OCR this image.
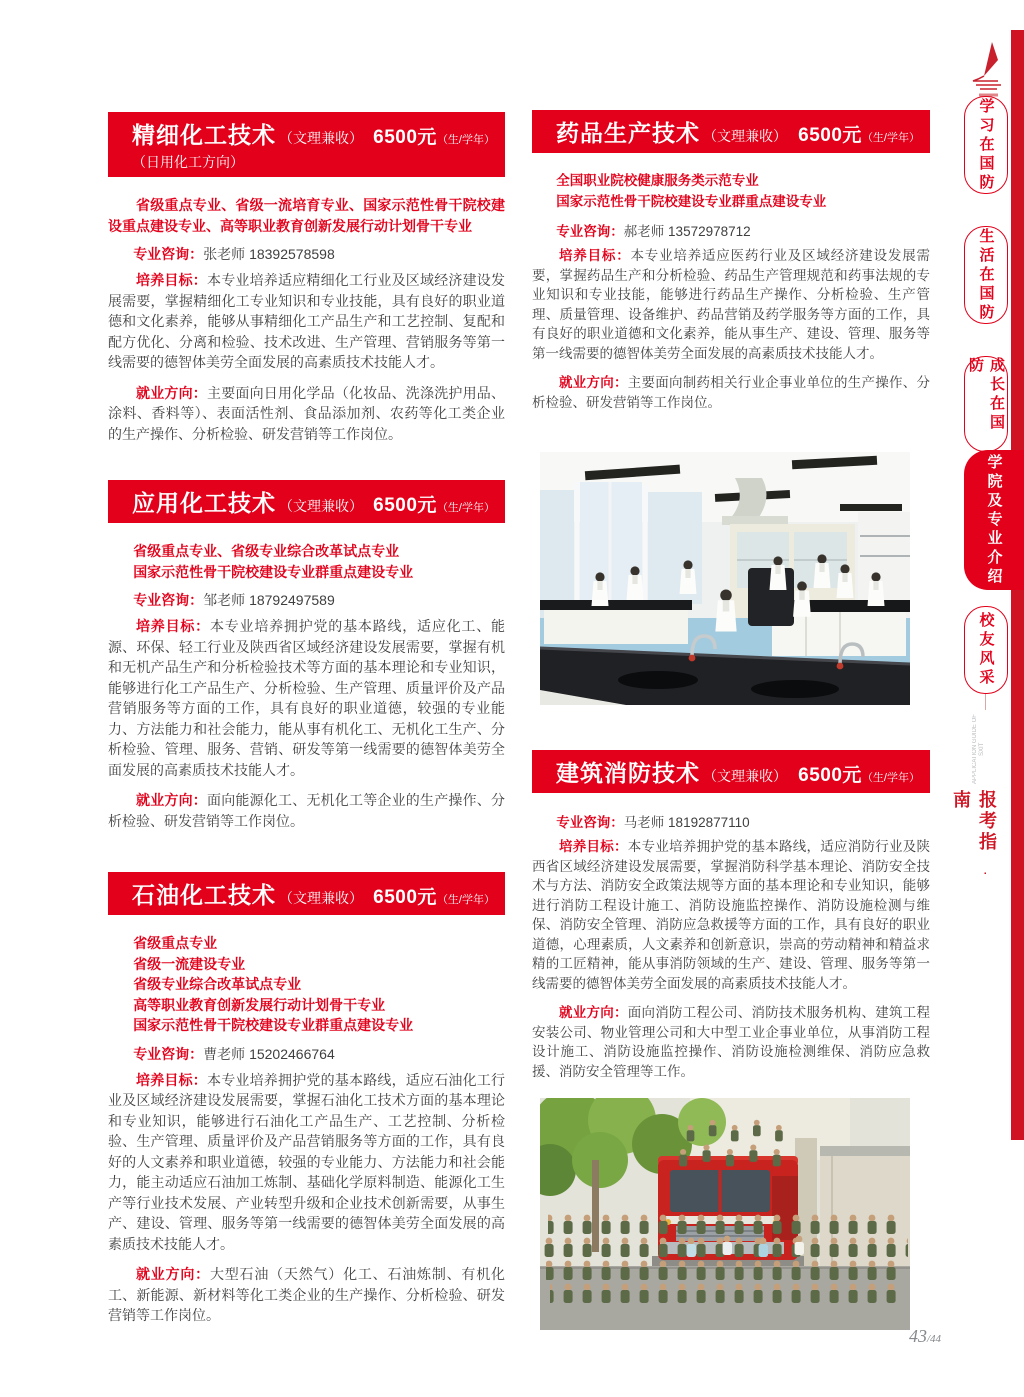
精细化工技术 （文理兼收） 6500元（生/学年）
（日用化工方向）

省级重点专业、省级一流培育专业、国家示范性骨干院校建设重点建设专业、高等职业教育创新发展行动计划骨干专业

专业咨询：张老师 18392578598

培养目标：本专业培养适应精细化工行业及区域经济建设发展需要，掌握精细化工专业知识和专业技能，具有良好的职业道德和文化素养，能够从事精细化工产品生产和工艺控制、复配和配方优化、分离和检验、技术改进、生产管理、营销服务等第一线需要的德智体美劳全面发展的高素质技术技能人才。

就业方向：主要面向日用化学品（化妆品、洗涤洗护用品、涂料、香料等）、表面活性剂、食品添加剂、农药等化工类企业的生产操作、分析检验、研发营销等工作岗位。

应用化工技术 （文理兼收） 6500元（生/学年）
省级重点专业、省级专业综合改革试点专业
国家示范性骨干院校建设专业群重点建设专业

专业咨询：邹老师 18792497589

培养目标：本专业培养拥护党的基本路线，适应化工、能源、环保、轻工行业及陕西省区域经济建设发展需要，掌握有机和无机产品生产和分析检验技术等方面的基本理论和专业知识，能够进行化工产品生产、分析检验、生产管理、质量评价及产品营销服务等方面的工作，具有良好的职业道德，较强的专业能力、方法能力和社会能力，能从事有机化工、无机化工生产、分析检验、管理、服务、营销、研发等第一线需要的德智体美劳全面发展的高素质技术技能人才。

就业方向：面向能源化工、无机化工等企业的生产操作、分析检验、研发营销等工作岗位。

石油化工技术 （文理兼收） 6500元（生/学年）
省级重点专业
省级一流建设专业
省级专业综合改革试点专业
高等职业教育创新发展行动计划骨干专业
国家示范性骨干院校建设专业群重点建设专业

专业咨询：曹老师 15202466764

培养目标：本专业培养拥护党的基本路线，适应石油化工行业及区域经济建设发展需要，掌握石油化工技术方面的基本理论和专业知识，能够进行石油化工产品生产、工艺控制、分析检验、生产管理、质量评价及产品营销服务等方面的工作，具有良好的人文素养和职业道德，较强的专业能力、方法能力和社会能力，能主动适应石油加工炼制、基础化学原料制造、能源化工生产等行业技术发展、产业转型升级和企业技术创新需要，从事生产、建设、管理、服务等第一线需要的德智体美劳全面发展的高素质技术技能人才。

就业方向：大型石油（天然气）化工、石油炼制、有机化工、新能源、新材料等化工类企业的生产操作、分析检验、研发营销等工作岗位。

药品生产技术 （文理兼收） 6500元（生/学年）
全国职业院校健康服务类示范专业
国家示范性骨干院校建设专业群重点建设专业

专业咨询：郝老师 13572978712

培养目标：本专业培养适应医药行业及区域经济建设发展需要，掌握药品生产和分析检验、药品生产管理规范和药事法规的专业知识和专业技能，能够进行药品生产操作、分析检验、生产管理、质量管理、设备维护、药品营销及药学服务等方面的工作，具有良好的职业道德和文化素养，能从事生产、建设、管理、服务等第一线需要的德智体美劳全面发展的高素质技术技能人才。

就业方向：主要面向制药相关行业企事业单位的生产操作、分析检验、研发营销等工作岗位。

建筑消防技术 （文理兼收） 6500元（生/学年）

专业咨询：马老师 18192877110

培养目标：本专业培养拥护党的基本路线，适应消防行业及陕西省区域经济建设发展需要，掌握消防科学基本理论、消防安全技术与方法、消防安全政策法规等方面的基本理论和专业知识，能够进行消防工程设计施工、消防设施监控操作、消防设施检测与维保、消防安全管理、消防应急救援等方面的工作，具有良好的职业道德，心理素质，人文素养和创新意识，崇高的劳动精神和精益求精的工匠精神，能从事消防领域的生产、建设、管理、服务等第一线需要的德智体美劳全面发展的高素质技术技能人才。

就业方向：面向消防工程公司、消防技术服务机构、建筑工程安装公司、物业管理公司和大中型工业企事业单位，从事消防工程设计施工、消防设施监控操作、消防设施检测维保、消防应急救援、消防安全管理等工作。

43/44
学习在国防
生活在国防
成长在国防
学院及专业介绍
校友风采
APPLICATION GUIDE OF SXIT
报考指南
